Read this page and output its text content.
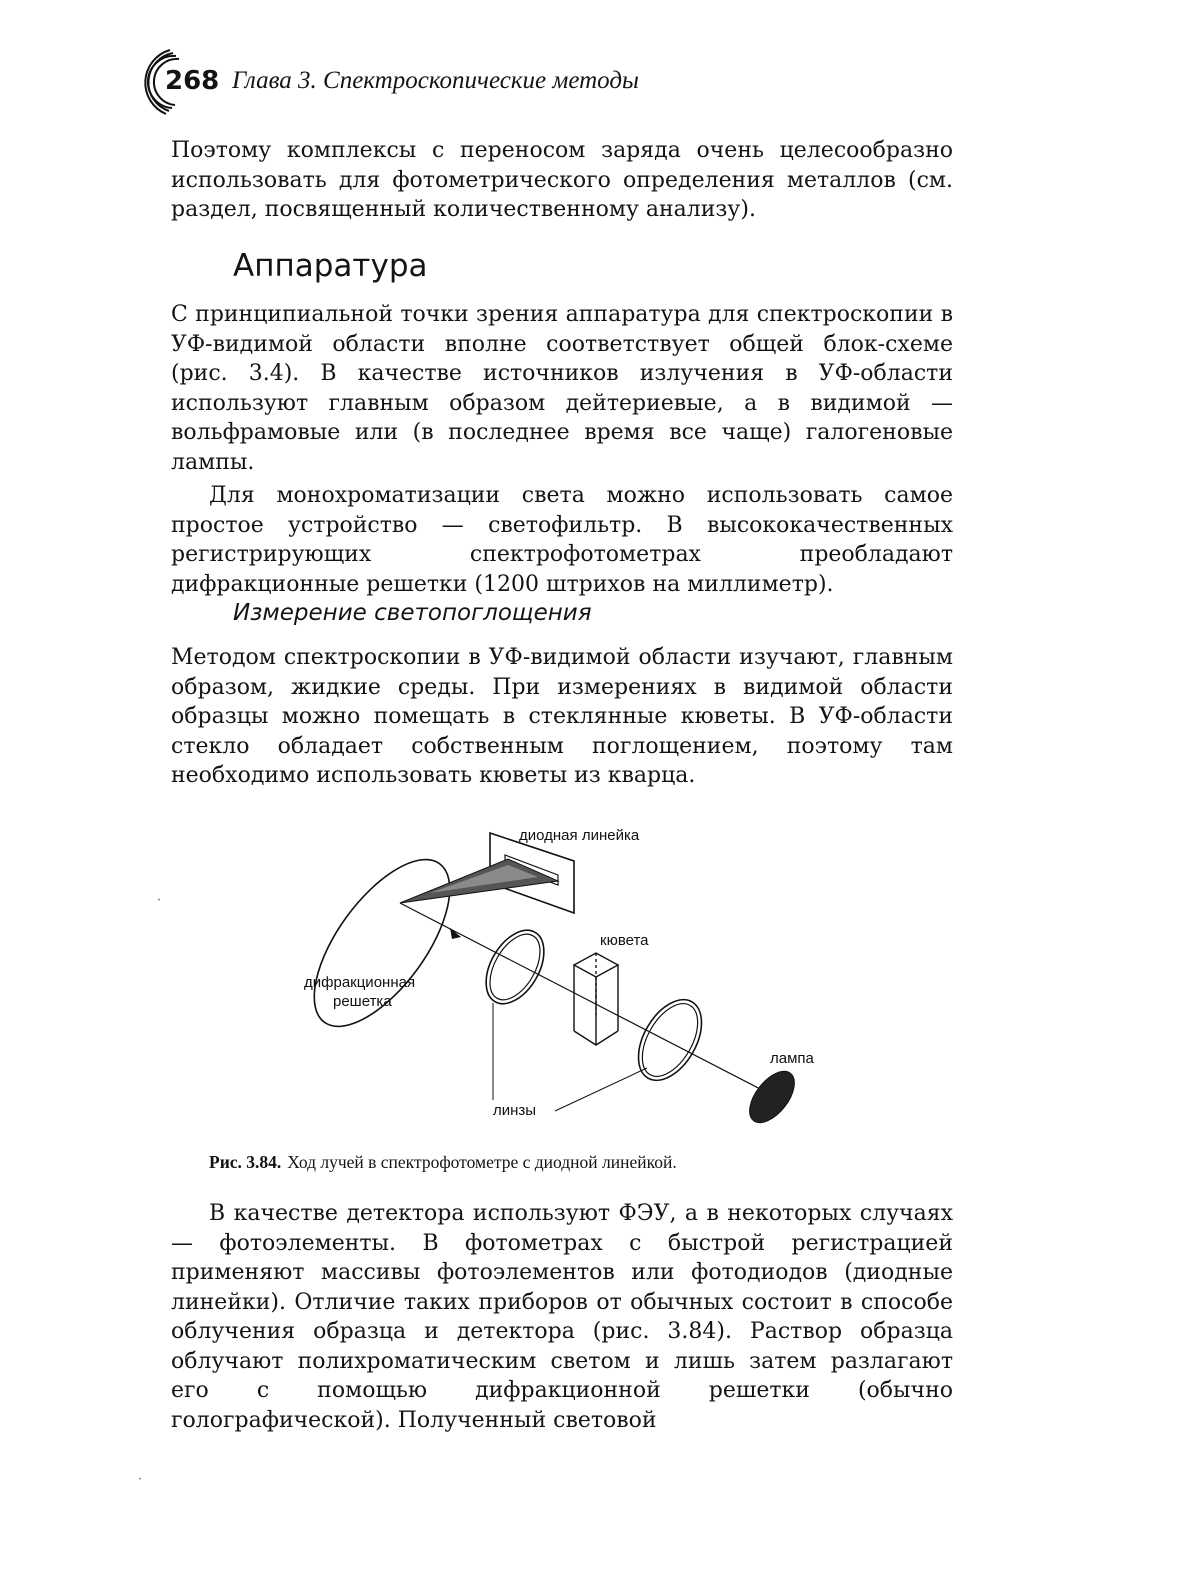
268 Глава 3. Спектроскопические методы

Поэтому комплексы с переносом заряда очень целесообразно использовать для фотометрического определения металлов (см. раздел, посвященный количественному анализу).

Аппаратура

С принципиальной точки зрения аппаратура для спектроскопии в УФ-видимой области вполне соответствует общей блок-схеме (рис. 3.4). В качестве источников излучения в УФ-области используют главным образом дейтериевые, а в видимой — вольфрамовые или (в последнее время все чаще) галогеновые лампы.

Для монохроматизации света можно использовать самое простое устройство — светофильтр. В высококачественных регистрирующих спектрофотометрах преобладают дифракционные решетки (1200 штрихов на миллиметр).

Измерение светопоглощения

Методом спектроскопии в УФ-видимой области изучают, главным образом, жидкие среды. При измерениях в видимой области образцы можно помещать в стеклянные кюветы. В УФ-области стекло обладает собственным поглощением, поэтому там необходимо использовать кюветы из кварца.

диодная линейка
кювета
дифракционная
решетка
лампа
линзы
Рис. 3.84. Ход лучей в спектрофотометре с диодной линейкой.

В качестве детектора используют ФЭУ, а в некоторых случаях — фотоэлементы. В фотометрах с быстрой регистрацией применяют массивы фотоэлементов или фотодиодов (диодные линейки). Отличие таких приборов от обычных состоит в способе облучения образца и детектора (рис. 3.84). Раствор образца облучают полихроматическим светом и лишь затем разлагают его с помощью дифракционной решетки (обычно голографической). Полученный световой

·
·
